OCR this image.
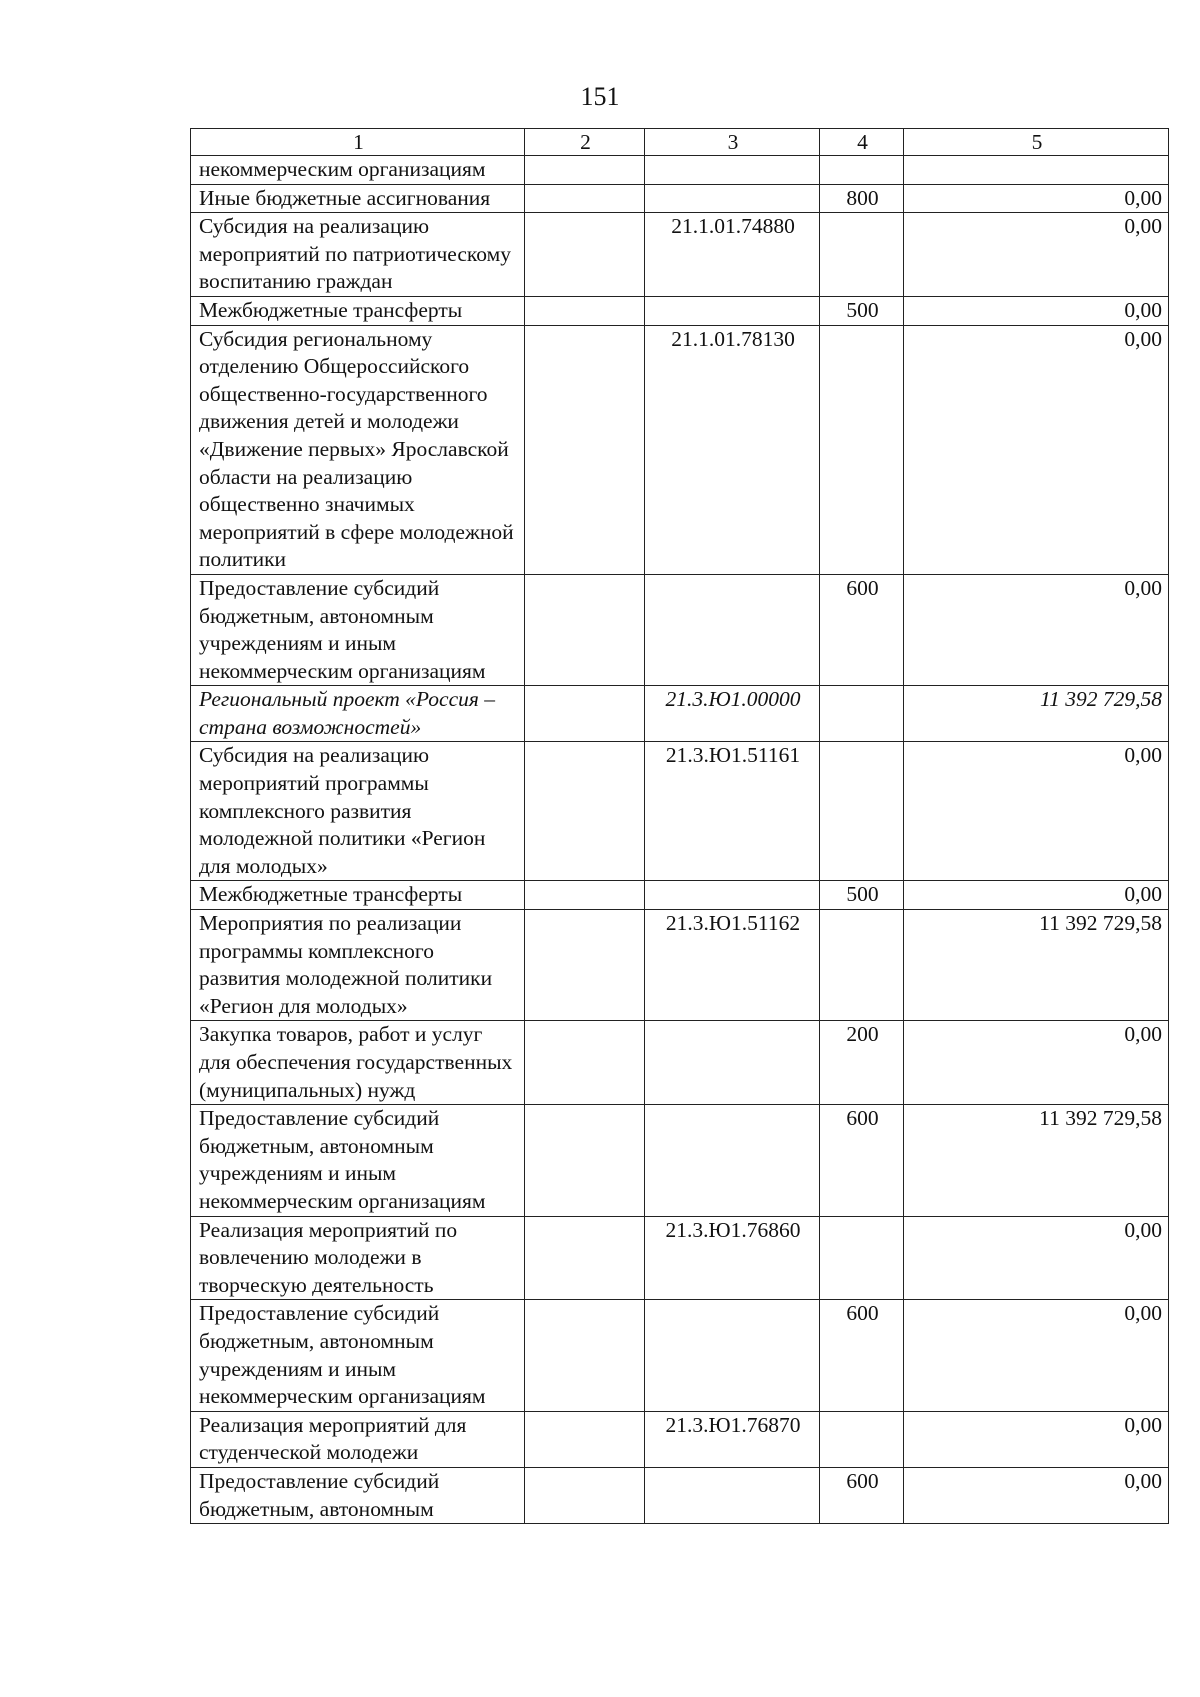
151
1	2	3	4	5
некоммерческим организациям				
Иные бюджетные ассигнования			800	0,00
Субсидия на реализацию мероприятий по патриотическому воспитанию граждан		21.1.01.74880		0,00
Межбюджетные трансферты			500	0,00
Субсидия региональному отделению Общероссийского общественно-государственного движения детей и молодежи «Движение первых» Ярославской области на реализацию общественно значимых мероприятий в сфере молодежной политики		21.1.01.78130		0,00
Предоставление субсидий бюджетным, автономным учреждениям и иным некоммерческим организациям			600	0,00
Региональный проект «Россия – страна возможностей»		21.3.Ю1.00000		11 392 729,58
Субсидия на реализацию мероприятий программы комплексного развития молодежной политики «Регион для молодых»		21.3.Ю1.51161		0,00
Межбюджетные трансферты			500	0,00
Мероприятия по реализации программы комплексного развития молодежной политики «Регион для молодых»		21.3.Ю1.51162		11 392 729,58
Закупка товаров, работ и услуг для обеспечения государственных (муниципальных) нужд			200	0,00
Предоставление субсидий бюджетным, автономным учреждениям и иным некоммерческим организациям			600	11 392 729,58
Реализация мероприятий по вовлечению молодежи в творческую деятельность		21.3.Ю1.76860		0,00
Предоставление субсидий бюджетным, автономным учреждениям и иным некоммерческим организациям			600	0,00
Реализация мероприятий для студенческой молодежи		21.3.Ю1.76870		0,00
Предоставление субсидий бюджетным, автономным			600	0,00
